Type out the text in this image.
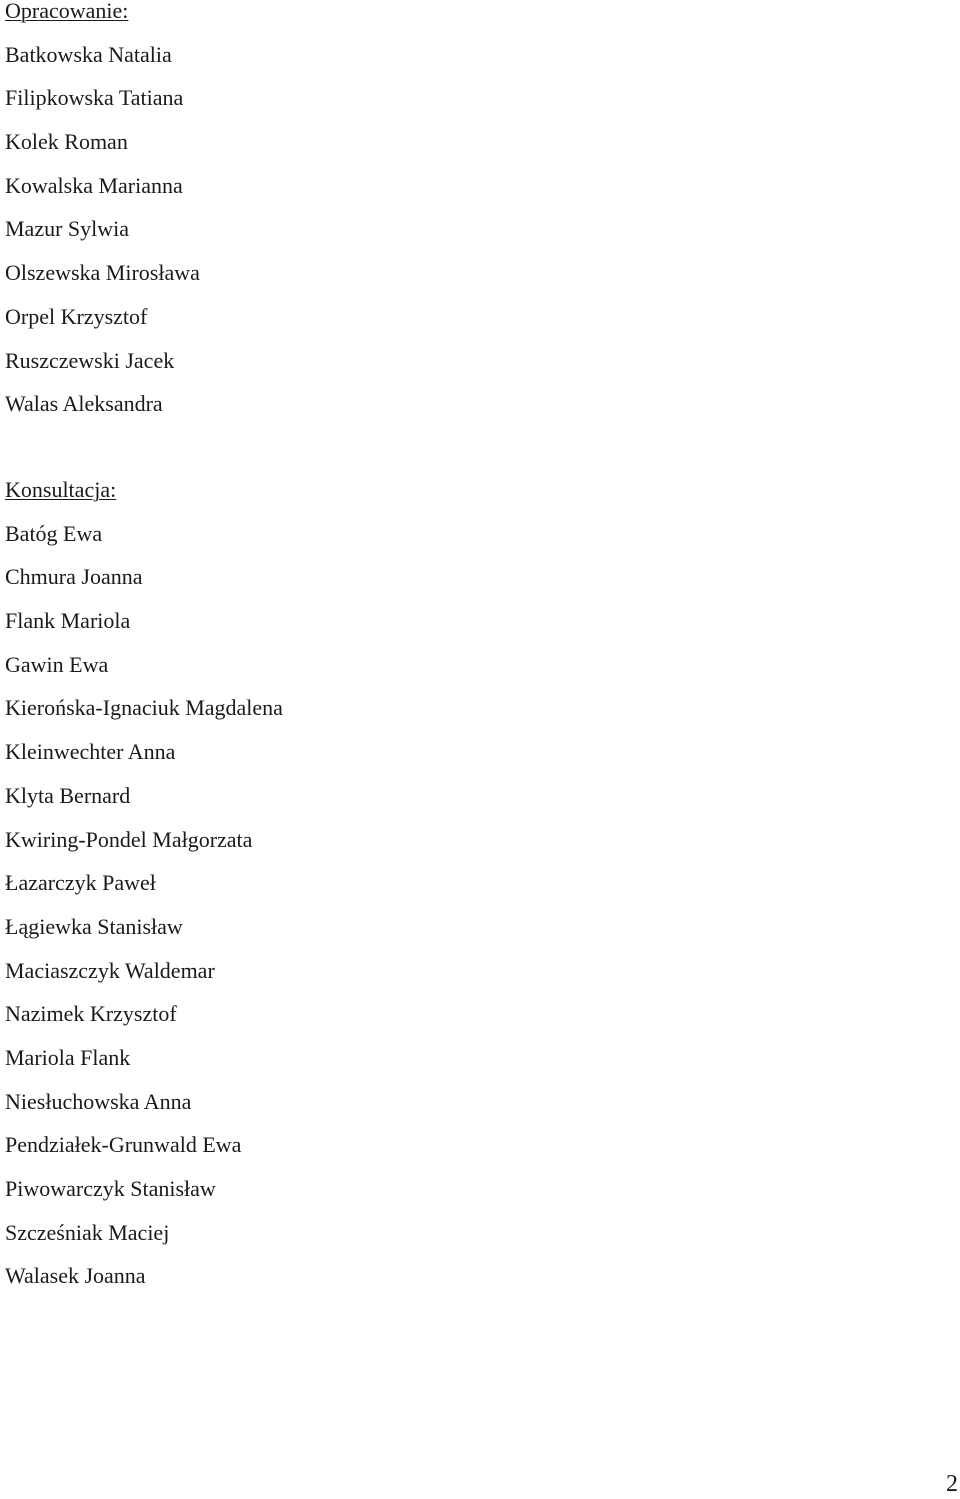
Opracowanie:
Batkowska Natalia
Filipkowska Tatiana
Kolek Roman
Kowalska Marianna
Mazur Sylwia
Olszewska Mirosława
Orpel Krzysztof
Ruszczewski Jacek
Walas Aleksandra
Konsultacja:
Batóg Ewa
Chmura Joanna
Flank Mariola
Gawin Ewa
Kierońska-Ignaciuk Magdalena
Kleinwechter Anna
Klyta Bernard
Kwiring-Pondel Małgorzata
Łazarczyk Paweł
Łągiewka Stanisław
Maciaszczyk Waldemar
Nazimek Krzysztof
Mariola Flank
Niesłuchowska Anna
Pendziałek-Grunwald Ewa
Piwowarczyk Stanisław
Szcześniak Maciej
Walasek Joanna
2
